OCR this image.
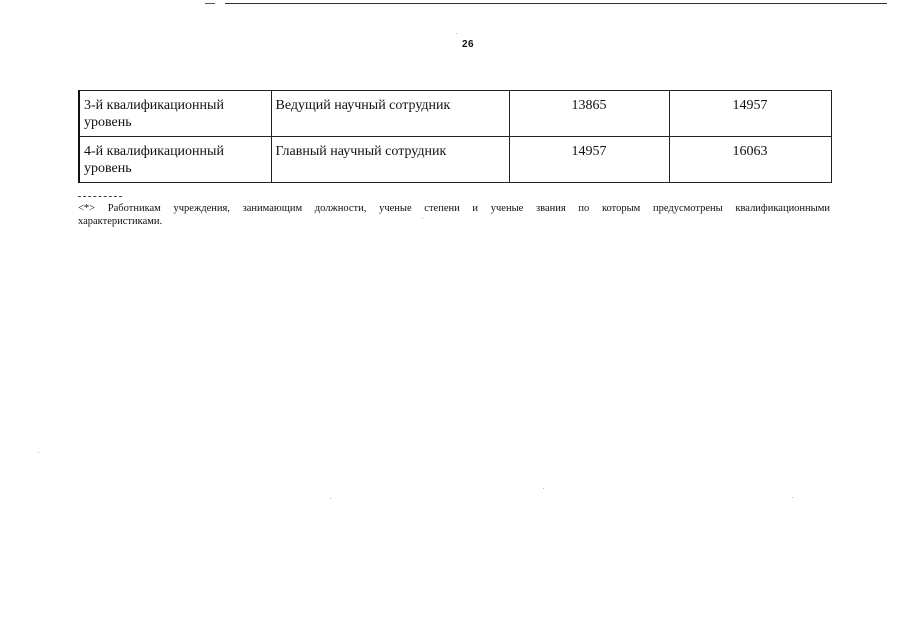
26
3-й квалификационный уровень	Ведущий научный сотрудник	13865	14957
4-й квалификационный уровень	Главный научный сотрудник	14957	16063
<*> Работникам учреждения, занимающим должности, ученые степени и ученые звания по которым предусмотрены квалификационными
характеристиками.
